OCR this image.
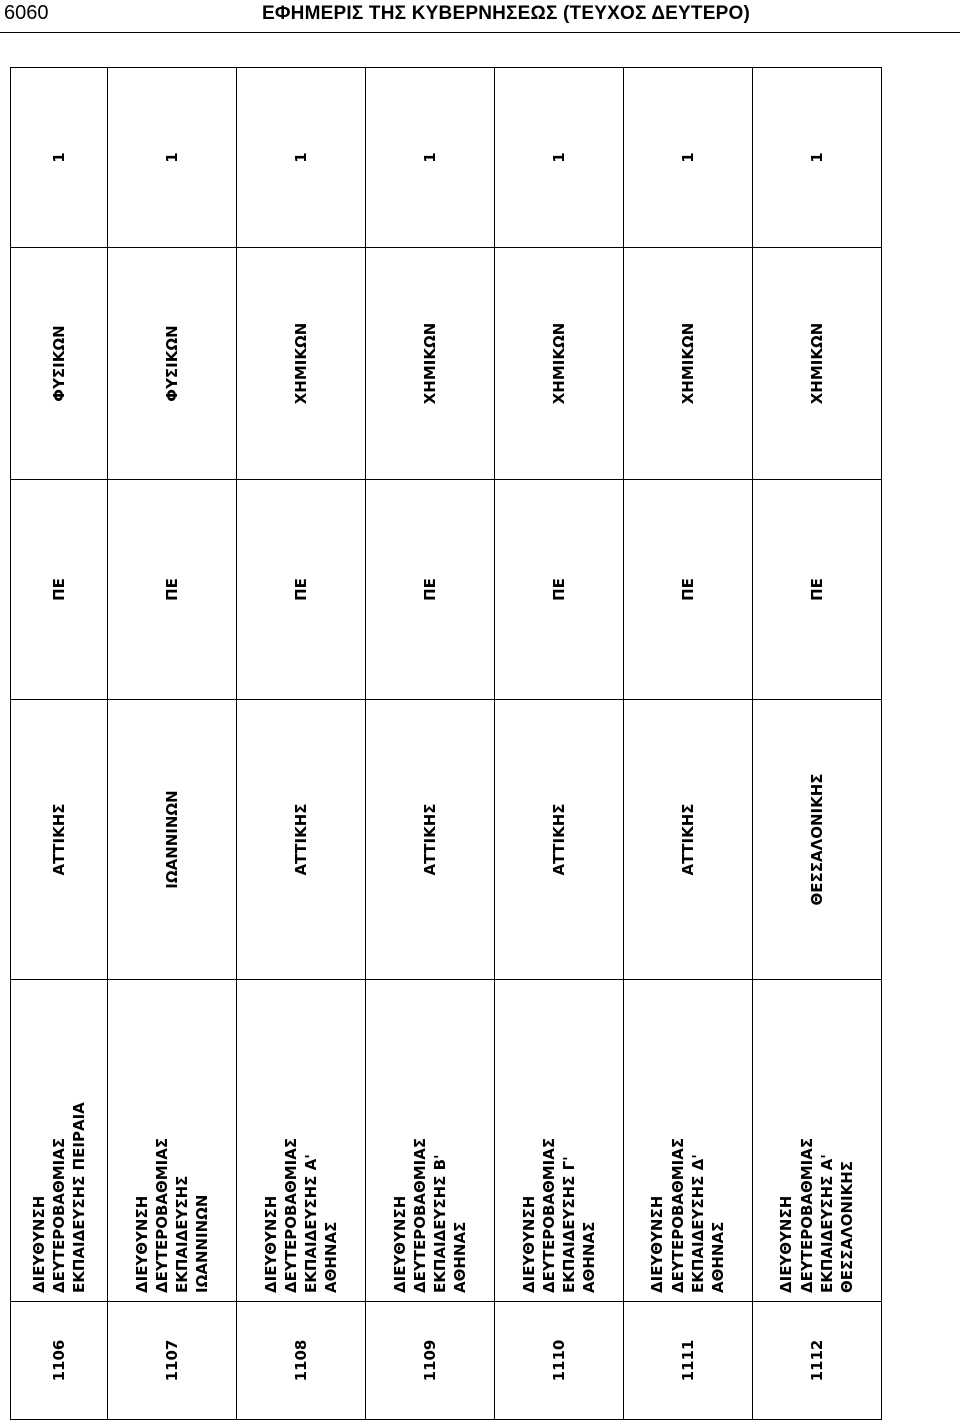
6060	ΕΦΗΜΕΡΙΣ ΤΗΣ ΚΥΒΕΡΝΗΣΕΩΣ (ΤΕΥΧΟΣ ΔΕΥΤΕΡΟ)
1106	ΔΙΕΥΘΥΝΣΗ ΔΕΥΤΕΡΟΒΑΘΜΙΑΣ ΕΚΠΑΙΔΕΥΣΗΣ ΠΕΙΡΑΙΑ	ΑΤΤΙΚΗΣ	ΠΕ	ΦΥΣΙΚΩΝ	1
1107	ΔΙΕΥΘΥΝΣΗ ΔΕΥΤΕΡΟΒΑΘΜΙΑΣ ΕΚΠΑΙΔΕΥΣΗΣ ΙΩΑΝΝΙΝΩΝ	ΙΩΑΝΝΙΝΩΝ	ΠΕ	ΦΥΣΙΚΩΝ	1
1108	ΔΙΕΥΘΥΝΣΗ ΔΕΥΤΕΡΟΒΑΘΜΙΑΣ ΕΚΠΑΙΔΕΥΣΗΣ Α' ΑΘΗΝΑΣ	ΑΤΤΙΚΗΣ	ΠΕ	ΧΗΜΙΚΩΝ	1
1109	ΔΙΕΥΘΥΝΣΗ ΔΕΥΤΕΡΟΒΑΘΜΙΑΣ ΕΚΠΑΙΔΕΥΣΗΣ Β' ΑΘΗΝΑΣ	ΑΤΤΙΚΗΣ	ΠΕ	ΧΗΜΙΚΩΝ	1
1110	ΔΙΕΥΘΥΝΣΗ ΔΕΥΤΕΡΟΒΑΘΜΙΑΣ ΕΚΠΑΙΔΕΥΣΗΣ Γ' ΑΘΗΝΑΣ	ΑΤΤΙΚΗΣ	ΠΕ	ΧΗΜΙΚΩΝ	1
1111	ΔΙΕΥΘΥΝΣΗ ΔΕΥΤΕΡΟΒΑΘΜΙΑΣ ΕΚΠΑΙΔΕΥΣΗΣ Δ' ΑΘΗΝΑΣ	ΑΤΤΙΚΗΣ	ΠΕ	ΧΗΜΙΚΩΝ	1
1112	ΔΙΕΥΘΥΝΣΗ ΔΕΥΤΕΡΟΒΑΘΜΙΑΣ ΕΚΠΑΙΔΕΥΣΗΣ Α' ΘΕΣΣΑΛΟΝΙΚΗΣ	ΘΕΣΣΑΛΟΝΙΚΗΣ	ΠΕ	ΧΗΜΙΚΩΝ	1
